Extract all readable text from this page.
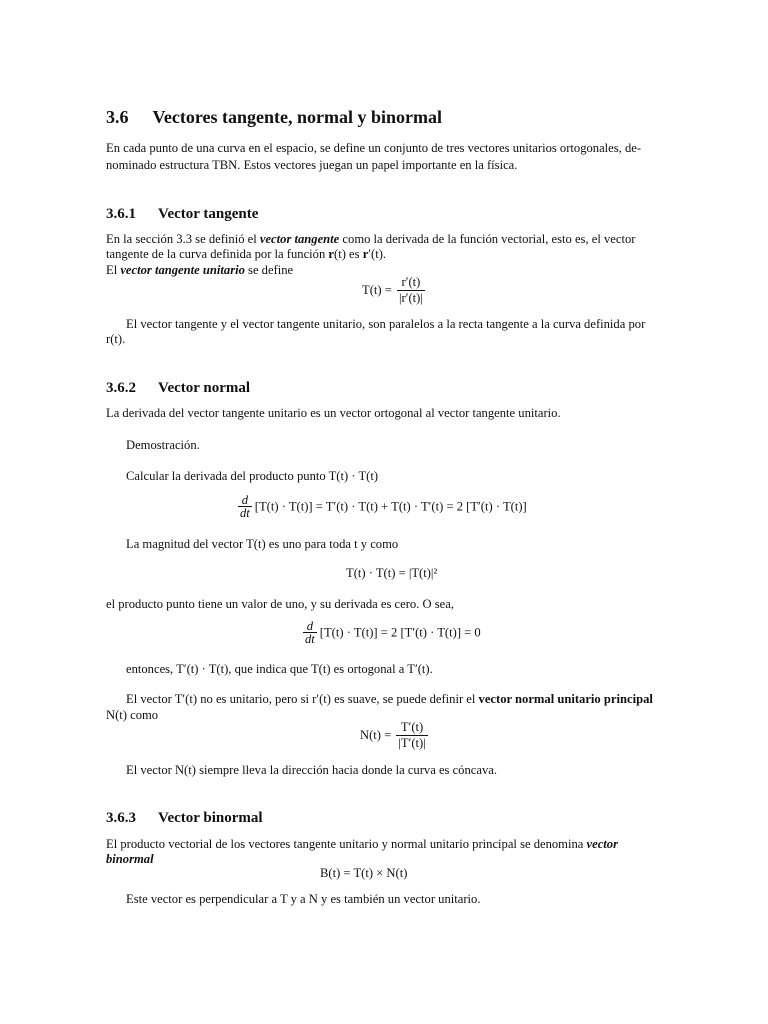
3.6 Vectores tangente, normal y binormal
En cada punto de una curva en el espacio, se define un conjunto de tres vectores unitarios ortogonales, de-
nominado estructura TBN. Estos vectores juegan un papel importante en la física.
3.6.1 Vector tangente
En la sección 3.3 se definió el vector tangente como la derivada de la función vectorial, esto es, el vector
tangente de la curva definida por la función r(t) es r′(t).
El vector tangente unitario se define
$T(t) = \frac{r'(t)}{|r'(t)|}$
El vector tangente y el vector tangente unitario, son paralelos a la recta tangente a la curva definida por
r(t).
3.6.2 Vector normal
La derivada del vector tangente unitario es un vector ortogonal al vector tangente unitario.
Demostración.
Calcular la derivada del producto punto T(t) · T(t)
$\frac{d}{dt} [T(t) \cdot T(t)] = T'(t) \cdot T(t) + T(t) \cdot T'(t) = 2$ [T′(t) · T(t)]
La magnitud del vector T(t) es uno para toda t y como
T(t) · T(t) = |T(t)|²
el producto punto tiene un valor de uno, y su derivada es cero. O sea,
$\frac{d}{dt} [T(t) \cdot T(t)] = 2$ [T′(t) · T(t)] = 0
entonces, T′(t) · T(t), que indica que T(t) es ortogonal a T′(t).
El vector T′(t) no es unitario, pero si r′(t) es suave, se puede definir el vector normal unitario principal
N(t) como
$N(t) = \frac{T'(t)}{|T'(t)|}$
El vector N(t) siempre lleva la dirección hacia donde la curva es cóncava.
3.6.3 Vector binormal
El producto vectorial de los vectores tangente unitario y normal unitario principal se denomina vector
binormal
B(t) = T(t) × N(t)
Este vector es perpendicular a T y a N y es también un vector unitario.
